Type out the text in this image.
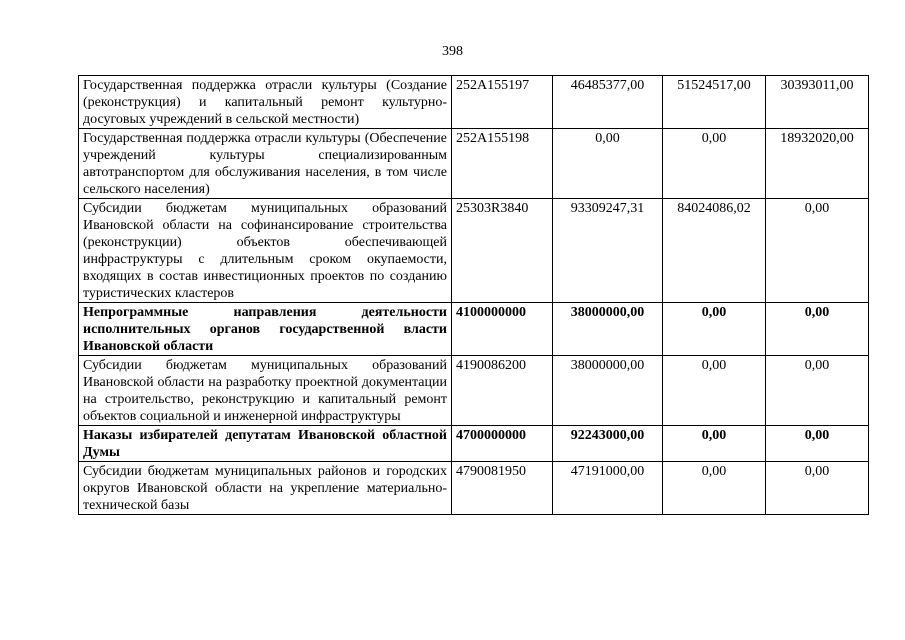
398
Государственная поддержка отрасли культуры (Создание (реконструкция) и капитальный ремонт культурно-досуговых учреждений в сельской местности)	252A155197	46485377,00	51524517,00	30393011,00
Государственная поддержка отрасли культуры (Обеспечение учреждений культуры специализированным автотранспортом для обслуживания населения, в том числе сельского населения)	252A155198	0,00	0,00	18932020,00
Субсидии бюджетам муниципальных образований Ивановской области на софинансирование строительства (реконструкции) объектов обеспечивающей инфраструктуры с длительным сроком окупаемости, входящих в состав инвестиционных проектов по созданию туристических кластеров	25303R3840	93309247,31	84024086,02	0,00
Непрограммные направления деятельности исполнительных органов государственной власти Ивановской области	4100000000	38000000,00	0,00	0,00
Субсидии бюджетам муниципальных образований Ивановской области на разработку проектной документации на строительство, реконструкцию и капитальный ремонт объектов социальной и инженерной инфраструктуры	4190086200	38000000,00	0,00	0,00
Наказы избирателей депутатам Ивановской областной Думы	4700000000	92243000,00	0,00	0,00
Субсидии бюджетам муниципальных районов и городских округов Ивановской области на укрепление материально-технической базы	4790081950	47191000,00	0,00	0,00
